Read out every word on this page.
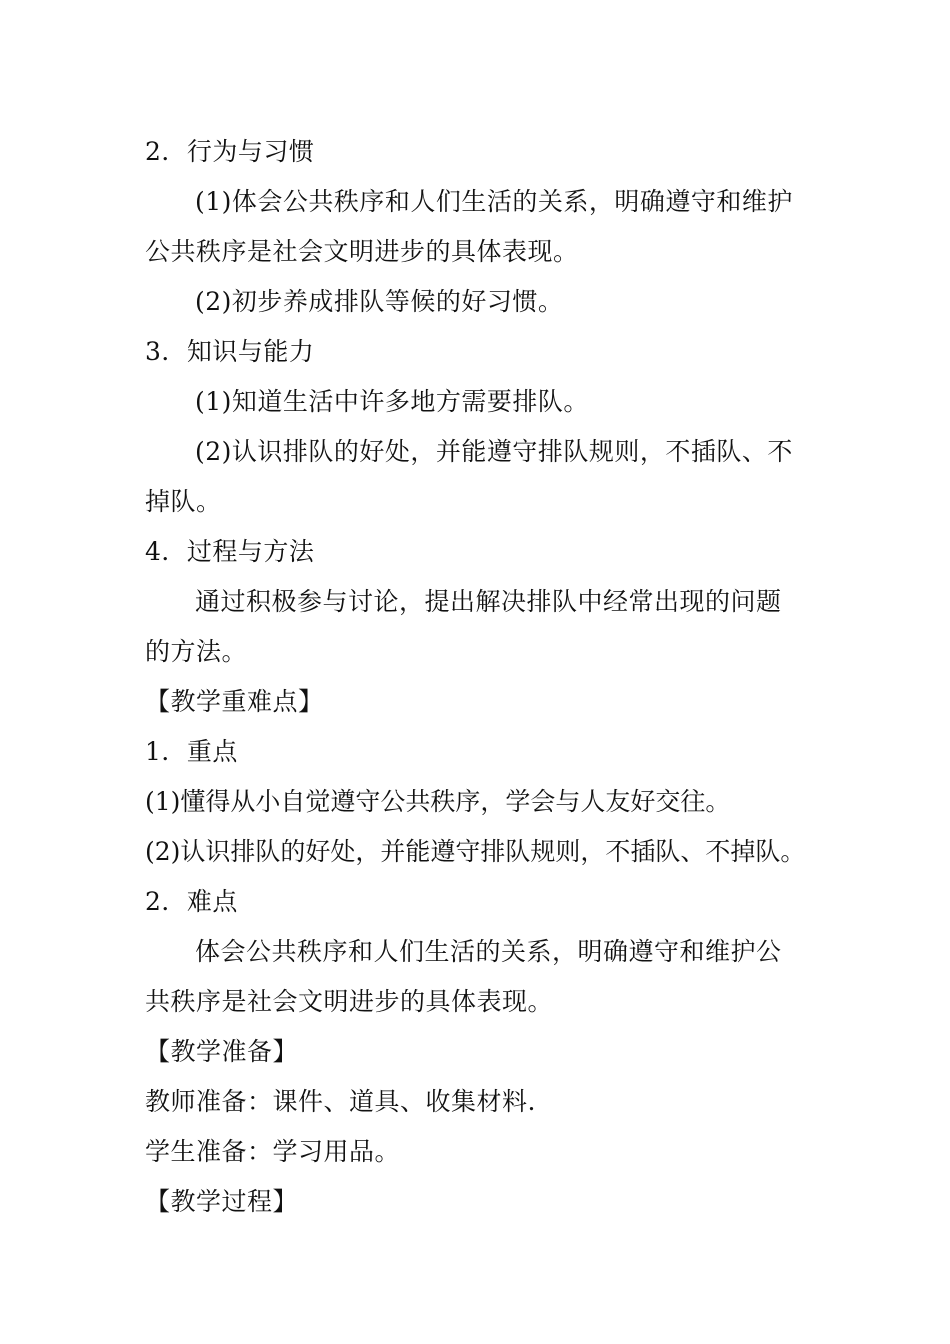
2．行为与习惯
(1)体会公共秩序和人们生活的关系，明确遵守和维护
公共秩序是社会文明进步的具体表现。
(2)初步养成排队等候的好习惯。
3．知识与能力
(1)知道生活中许多地方需要排队。
(2)认识排队的好处，并能遵守排队规则，不插队、不
掉队。
4．过程与方法
通过积极参与讨论，提出解决排队中经常出现的问题
的方法。
【教学重难点】
1．重点
(1)懂得从小自觉遵守公共秩序，学会与人友好交往。
(2)认识排队的好处，并能遵守排队规则，不插队、不掉队。
2．难点
体会公共秩序和人们生活的关系，明确遵守和维护公
共秩序是社会文明进步的具体表现。
【教学准备】
教师准备：课件、道具、收集材料.
学生准备：学习用品。
【教学过程】
